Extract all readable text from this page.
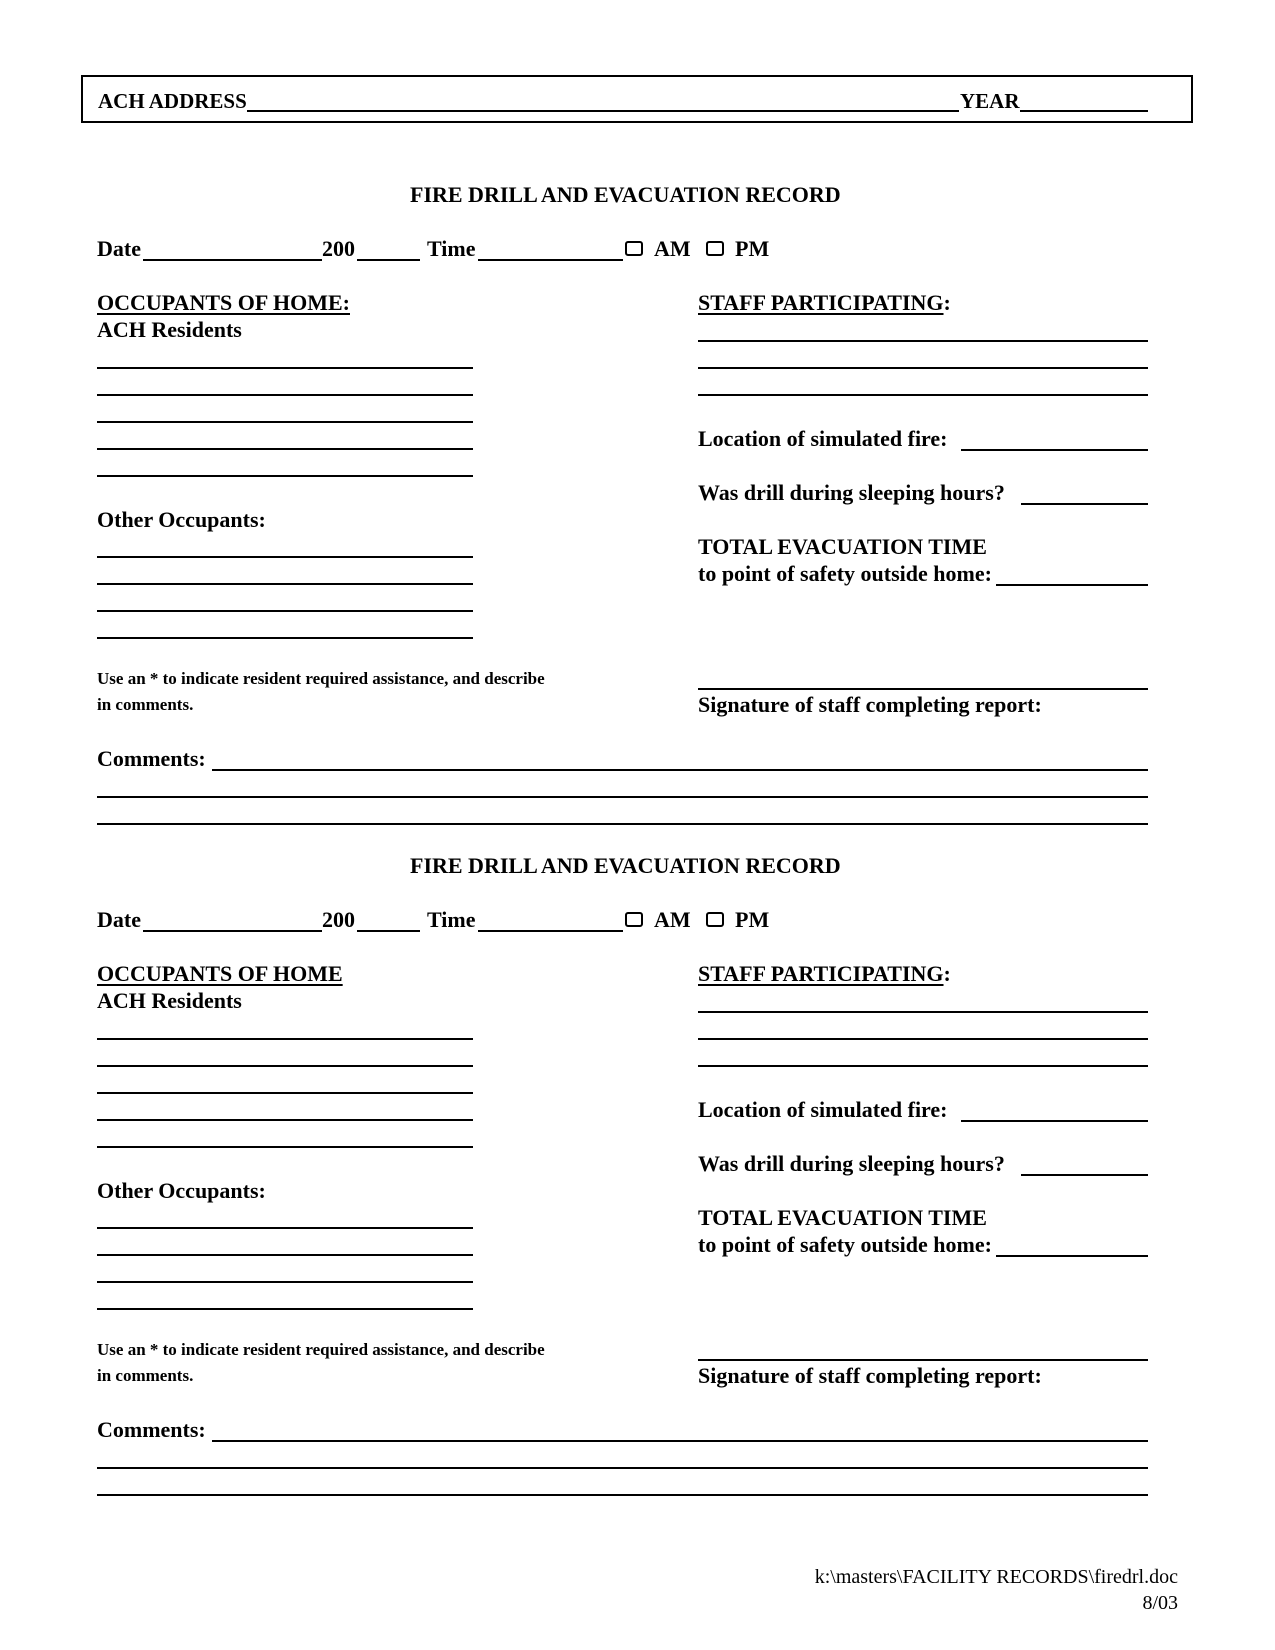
ACH ADDRESS	YEAR
FIRE DRILL AND EVACUATION RECORD
Date	200	Time	AM PM
OCCUPANTS OF HOME:
ACH Residents
Other Occupants:
Use an * to indicate resident required assistance, and describe
in comments.
STAFF PARTICIPATING:
Location of simulated fire:
Was drill during sleeping hours?
TOTAL EVACUATION TIME
to point of safety outside home:
Signature of staff completing report:
Comments:
FIRE DRILL AND EVACUATION RECORD
Date	200	Time	AM PM
OCCUPANTS OF HOME
ACH Residents
Other Occupants:
Use an * to indicate resident required assistance, and describe
in comments.
STAFF PARTICIPATING:
Location of simulated fire:
Was drill during sleeping hours?
TOTAL EVACUATION TIME
to point of safety outside home:
Signature of staff completing report:
Comments:
k:\masters\FACILITY RECORDS\firedrl.doc
8/03
